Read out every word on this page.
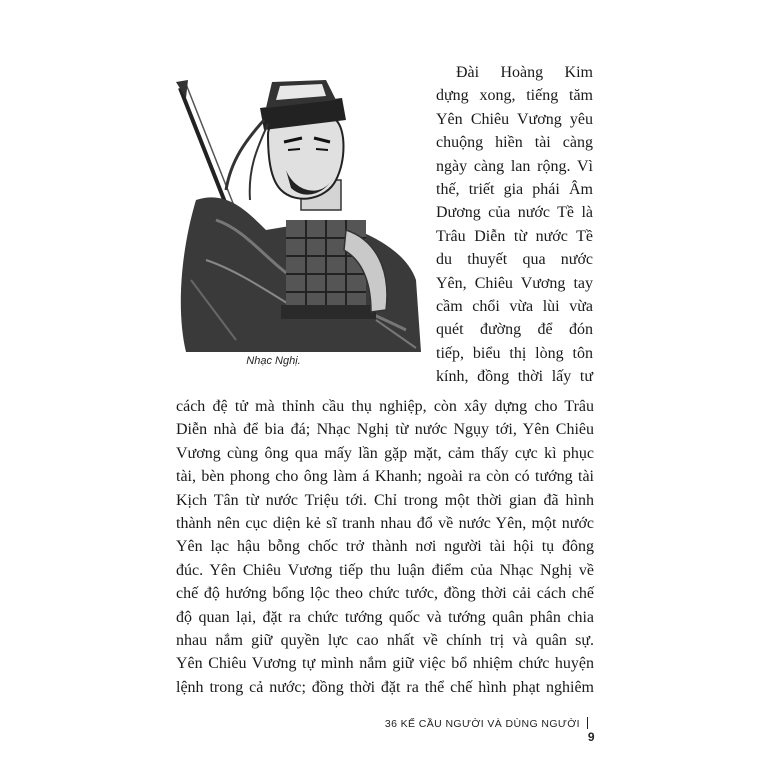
Nhạc Nghị.
Đài Hoàng Kim
dựng xong, tiếng tăm
Yên Chiêu Vương yêu
chuộng hiền tài càng
ngày càng lan rộng. Vì
thế, triết gia phái Âm
Dương của nước Tề là
Trâu Diễn từ nước Tề
du thuyết qua nước
Yên, Chiêu Vương tay
cầm chổi vừa lùi vừa
quét đường để đón
tiếp, biểu thị lòng tôn
kính, đồng thời lấy tư
cách đệ tử mà thỉnh cầu thụ nghiệp, còn xây dựng cho Trâu
Diễn nhà để bia đá; Nhạc Nghị từ nước Ngụy tới, Yên Chiêu
Vương cùng ông qua mấy lần gặp mặt, cảm thấy cực kì phục
tài, bèn phong cho ông làm á Khanh; ngoài ra còn có tướng tài
Kịch Tân từ nước Triệu tới. Chỉ trong một thời gian đã hình
thành nên cục diện kẻ sĩ tranh nhau đổ về nước Yên, một nước
Yên lạc hậu bỗng chốc trở thành nơi người tài hội tụ đông
đúc. Yên Chiêu Vương tiếp thu luận điểm của Nhạc Nghị về
chế độ hướng bổng lộc theo chức tước, đồng thời cải cách chế
độ quan lại, đặt ra chức tướng quốc và tướng quân phân chia
nhau nắm giữ quyền lực cao nhất về chính trị và quân sự.
Yên Chiêu Vương tự mình nắm giữ việc bổ nhiệm chức huyện
lệnh trong cả nước; đồng thời đặt ra thể chế hình phạt nghiêm
36 KẾ CẦU NGƯỜI VÀ DÙNG NGƯỜI9
